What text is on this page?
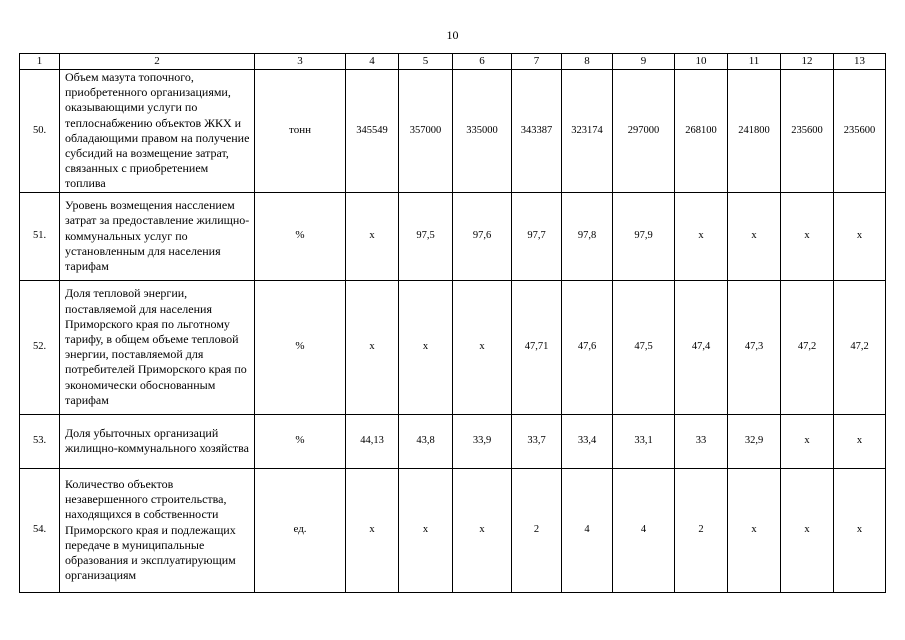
10
1	2	3	4	5	6	7	8	9	10	11	12	13
50.	Объем мазута топочного, приобретенного организациями, оказывающими услуги по теплоснабжению объектов ЖКХ и обладающими правом на получение субсидий на возмещение затрат, связанных с приобретением топлива	тонн	345549	357000	335000	343387	323174	297000	268100	241800	235600	235600
51.	Уровень возмещения насслением затрат за предоставление жилищно-коммунальных услуг по установленным для населения тарифам	%	х	97,5	97,6	97,7	97,8	97,9	х	х	х	х
52.	Доля тепловой энергии, поставляемой для населения Приморского края по льготному тарифу, в общем объеме тепловой энергии, поставляемой для потребителей Приморского края по экономически обоснованным тарифам	%	х	х	х	47,71	47,6	47,5	47,4	47,3	47,2	47,2
53.	Доля убыточных организаций жилищно-коммунального хозяйства	%	44,13	43,8	33,9	33,7	33,4	33,1	33	32,9	х	х
54.	Количество объектов незавершенного строительства, находящихся в собственности Приморского края и подлежащих передаче в муниципальные образования и эксплуатирующим организациям	ед.	х	х	х	2	4	4	2	х	х	х
